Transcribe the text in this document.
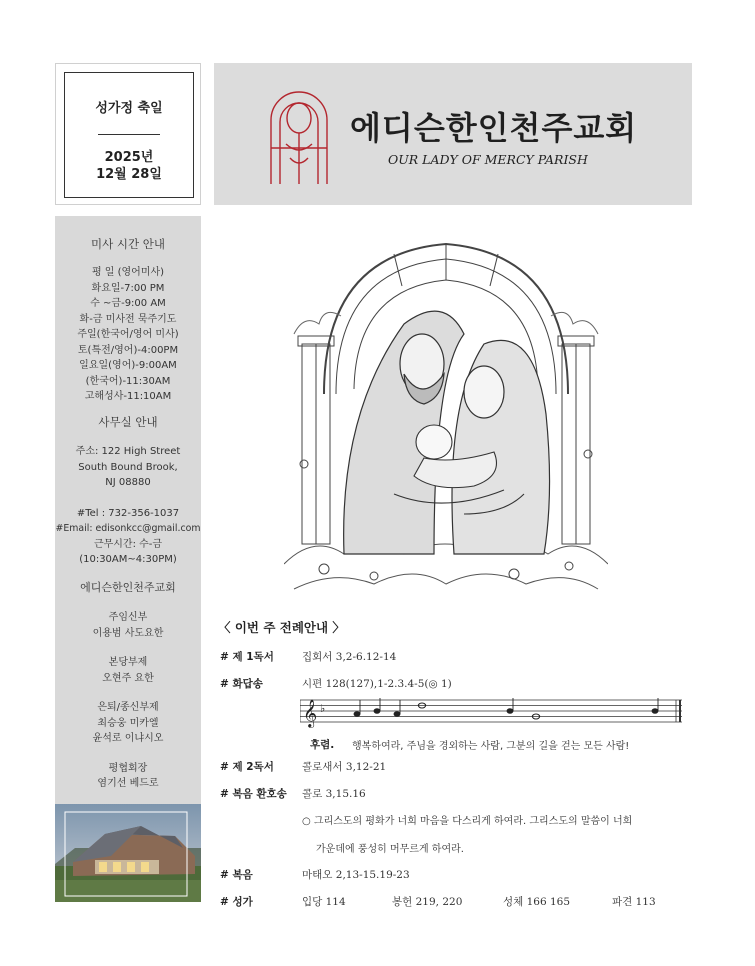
성가정 축일
2025년
12월 28일
미사 시간 안내
평 일 (영어미사)
화요일-7:00 PM
수 ~금-9:00 AM
화-금 미사전 묵주기도
주일(한국어/영어 미사)
토(특전/영어)-4:00PM
일요일(영어)-9:00AM
(한국어)-11:30AM
고해성사-11:10AM
사무실 안내
주소: 122 High Street
South Bound Brook,
NJ 08880
#Tel : 732-356-1037
#Email: edisonkcc@gmail.com
근무시간: 수-금
(10:30AM~4:30PM)
에디슨한인천주교회
주임신부
이용범 사도요한
본당부제
오현주 요한
은퇴/종신부제
최승웅 미카엘
윤석로 이냐시오
평협회장
염기선 베드로
에디슨한인천주교회
OUR LADY OF MERCY PARISH
〈 이번 주 전례안내 〉
# 제 1독서	집회서 3,2-6.12-14
# 화답송	시편 128(127),1-2.3.4-5(◎ 1)
𝄞 ♭
후렴. 행복하여라, 주님을 경외하는 사람, 그분의 길을 걷는 모든 사람!
# 제 2독서	콜로새서 3,12-21
# 복음 환호송 콜로 3,15.16
○ 그리스도의 평화가 너희 마음을 다스리게 하여라. 그리스도의 말씀이 너희
가운데에 풍성히 머무르게 하여라.
# 복음	마태오 2,13-15.19-23
# 성가	입당 114	봉헌 219, 220	성체 166 165	파견 113
